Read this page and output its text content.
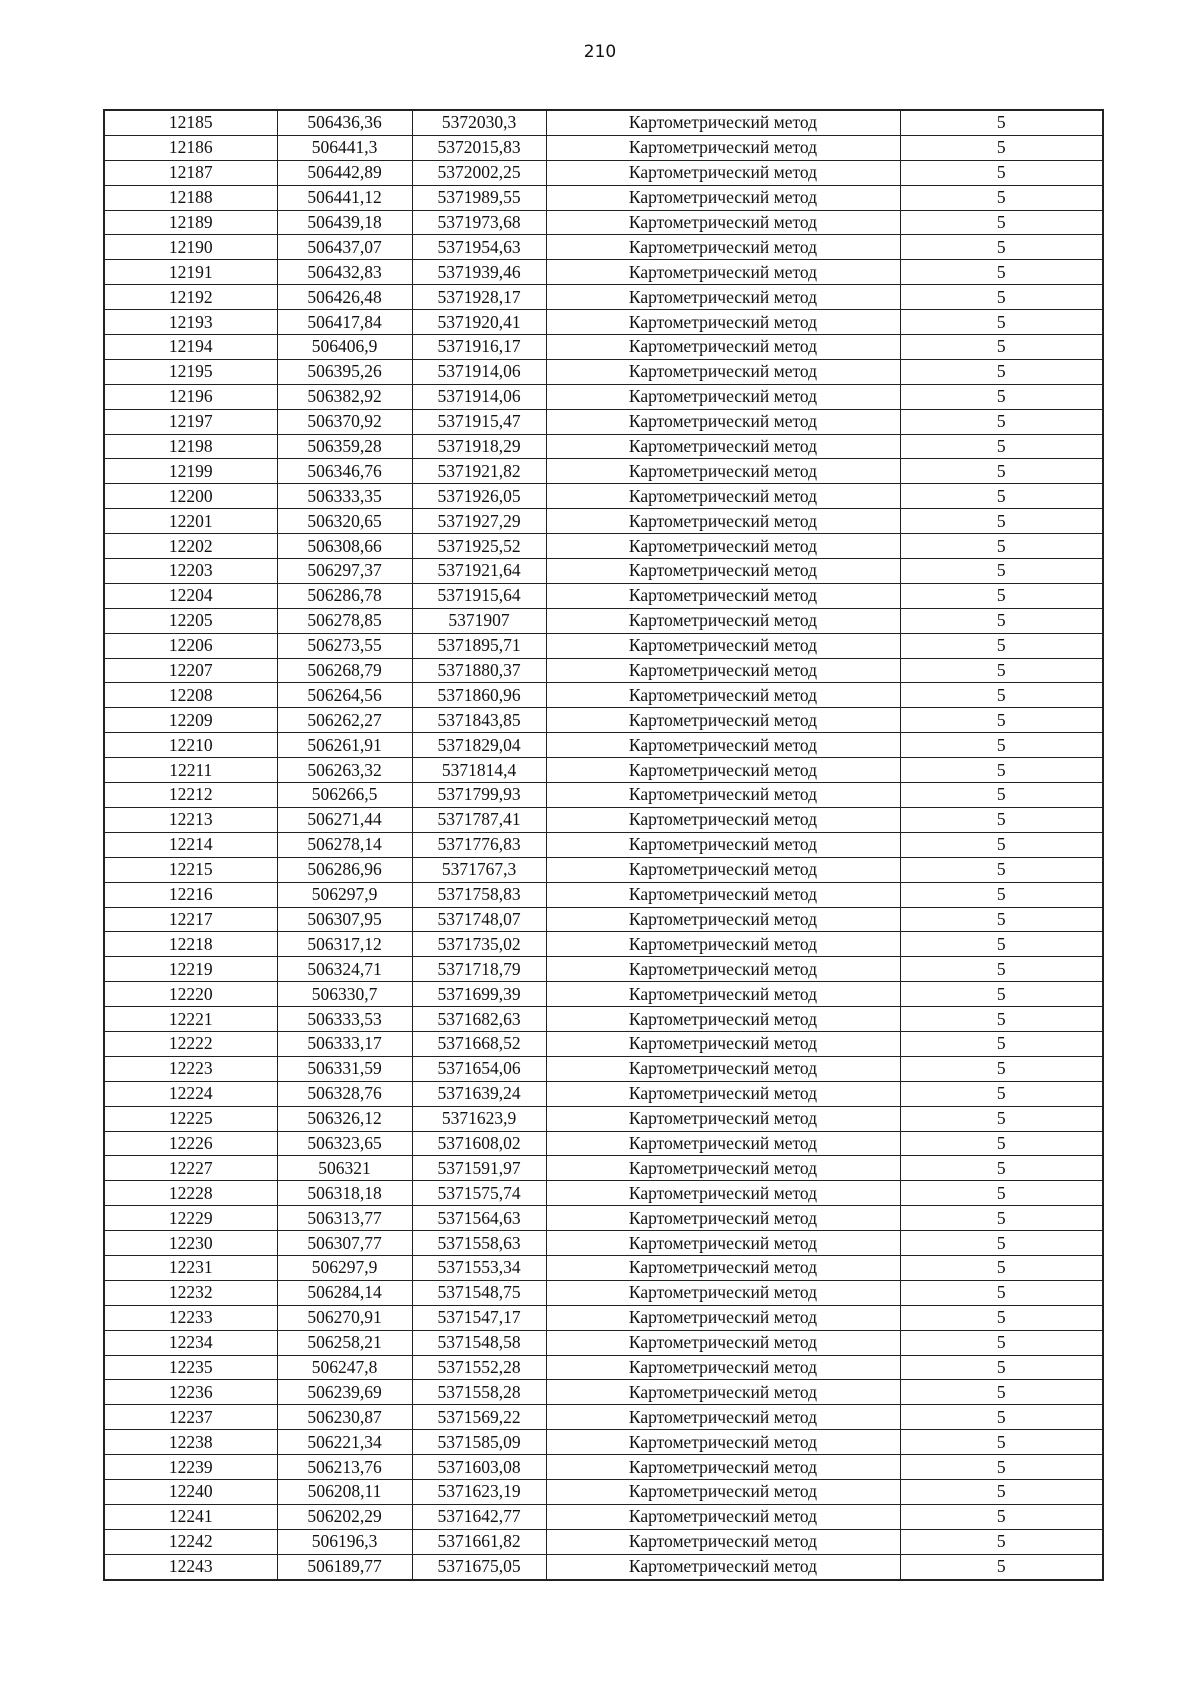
210
12185	506436,36	5372030,3	Картометрический метод	5
12186	506441,3	5372015,83	Картометрический метод	5
12187	506442,89	5372002,25	Картометрический метод	5
12188	506441,12	5371989,55	Картометрический метод	5
12189	506439,18	5371973,68	Картометрический метод	5
12190	506437,07	5371954,63	Картометрический метод	5
12191	506432,83	5371939,46	Картометрический метод	5
12192	506426,48	5371928,17	Картометрический метод	5
12193	506417,84	5371920,41	Картометрический метод	5
12194	506406,9	5371916,17	Картометрический метод	5
12195	506395,26	5371914,06	Картометрический метод	5
12196	506382,92	5371914,06	Картометрический метод	5
12197	506370,92	5371915,47	Картометрический метод	5
12198	506359,28	5371918,29	Картометрический метод	5
12199	506346,76	5371921,82	Картометрический метод	5
12200	506333,35	5371926,05	Картометрический метод	5
12201	506320,65	5371927,29	Картометрический метод	5
12202	506308,66	5371925,52	Картометрический метод	5
12203	506297,37	5371921,64	Картометрический метод	5
12204	506286,78	5371915,64	Картометрический метод	5
12205	506278,85	5371907	Картометрический метод	5
12206	506273,55	5371895,71	Картометрический метод	5
12207	506268,79	5371880,37	Картометрический метод	5
12208	506264,56	5371860,96	Картометрический метод	5
12209	506262,27	5371843,85	Картометрический метод	5
12210	506261,91	5371829,04	Картометрический метод	5
12211	506263,32	5371814,4	Картометрический метод	5
12212	506266,5	5371799,93	Картометрический метод	5
12213	506271,44	5371787,41	Картометрический метод	5
12214	506278,14	5371776,83	Картометрический метод	5
12215	506286,96	5371767,3	Картометрический метод	5
12216	506297,9	5371758,83	Картометрический метод	5
12217	506307,95	5371748,07	Картометрический метод	5
12218	506317,12	5371735,02	Картометрический метод	5
12219	506324,71	5371718,79	Картометрический метод	5
12220	506330,7	5371699,39	Картометрический метод	5
12221	506333,53	5371682,63	Картометрический метод	5
12222	506333,17	5371668,52	Картометрический метод	5
12223	506331,59	5371654,06	Картометрический метод	5
12224	506328,76	5371639,24	Картометрический метод	5
12225	506326,12	5371623,9	Картометрический метод	5
12226	506323,65	5371608,02	Картометрический метод	5
12227	506321	5371591,97	Картометрический метод	5
12228	506318,18	5371575,74	Картометрический метод	5
12229	506313,77	5371564,63	Картометрический метод	5
12230	506307,77	5371558,63	Картометрический метод	5
12231	506297,9	5371553,34	Картометрический метод	5
12232	506284,14	5371548,75	Картометрический метод	5
12233	506270,91	5371547,17	Картометрический метод	5
12234	506258,21	5371548,58	Картометрический метод	5
12235	506247,8	5371552,28	Картометрический метод	5
12236	506239,69	5371558,28	Картометрический метод	5
12237	506230,87	5371569,22	Картометрический метод	5
12238	506221,34	5371585,09	Картометрический метод	5
12239	506213,76	5371603,08	Картометрический метод	5
12240	506208,11	5371623,19	Картометрический метод	5
12241	506202,29	5371642,77	Картометрический метод	5
12242	506196,3	5371661,82	Картометрический метод	5
12243	506189,77	5371675,05	Картометрический метод	5
